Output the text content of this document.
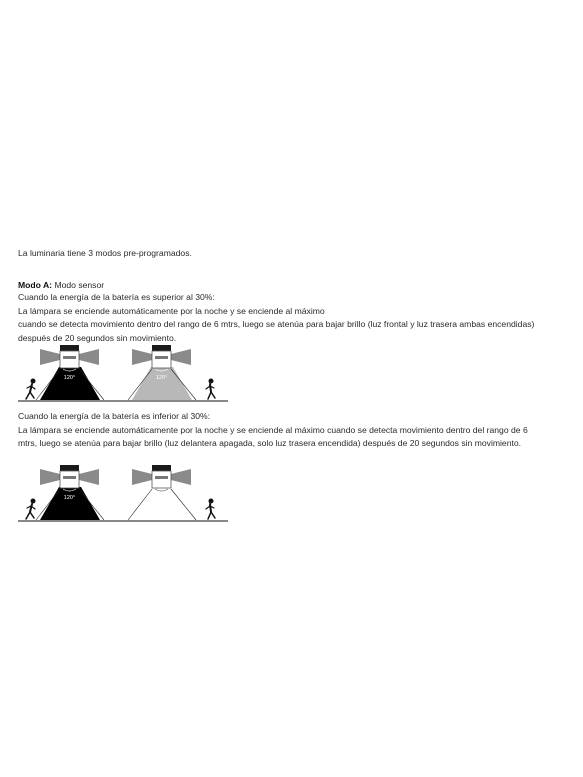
La luminaria tiene 3 modos pre-programados.
Modo A: Modo sensor
Cuando la energía de la batería es superior al 30%:
La lámpara se enciende automáticamente por la noche y se enciende al máximo
cuando se detecta movimiento dentro del rango de 6 mtrs, luego se atenúa para bajar brillo (luz frontal y luz trasera ambas encendidas)
después de 20 segundos sin movimiento.
120°	120°
Cuando la energía de la batería es inferior al 30%:
La lámpara se enciende automáticamente por la noche y se enciende al máximo cuando se detecta movimiento dentro del rango de 6
mtrs, luego se atenúa para bajar brillo (luz delantera apagada, solo luz trasera encendida) después de 20 segundos sin movimiento.
120°
